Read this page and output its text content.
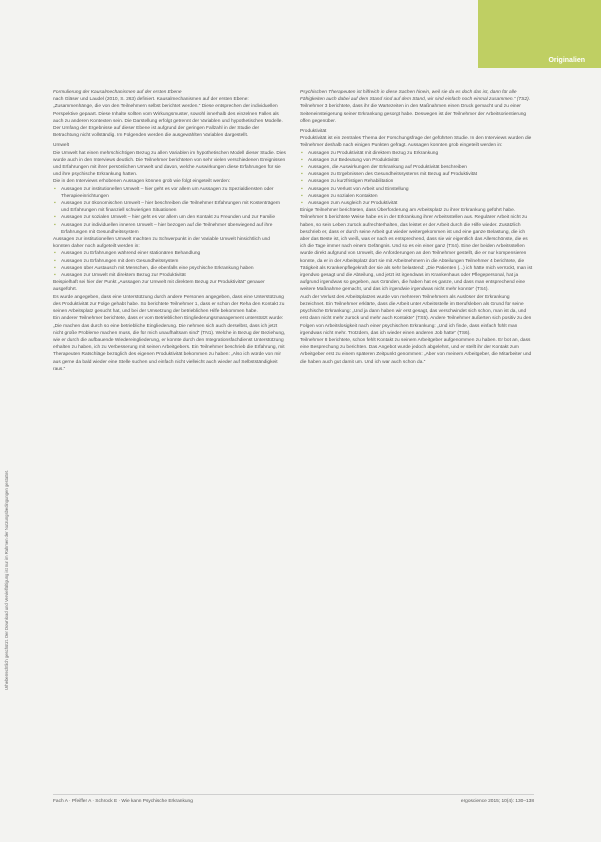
Originalien
Urheberrechtlich geschützt. Der Download und Vervielfältigung ist nur im Rahmen der Nutzungsbedingungen gestattet.

Formulierung der Kausalmechanismen auf der ersten Ebene

nach Gläser und Laudel (2010, S. 263) definiert. Kausalmechanismen auf der ersten Ebene: „Zusammenhänge, die von den Teilnehmern selbst berichtet werden.“ Diese entsprechen der individuellen Perspektive gepaart. Diese Inhalte sollten vom Wirkungsmuster, sowohl innerhalb des einzelnen Falles als auch zu anderen Kontexten sein. Die Darstellung erfolgt getrennt der Variablen und hypothetischen Modelle.

Der Umfang der Ergebnisse auf dieser Ebene ist aufgrund der geringen Fallzahl in der Studie der Betrachtung nicht vollständig. Im Folgenden werden die ausgewählten Variablen dargestellt.

Umwelt

Die Umwelt hat einen mehrschichtigen Bezug zu allen Variablen im hypothetischen Modell dieser Studie. Dies wurde auch in den Interviews deutlich. Die Teilnehmer berichteten von sehr vielen verschiedenen Ereignissen und Erfahrungen mit ihrer persönlichen Umwelt und davon, welche Auswirkungen diese Erfahrungen für sie und ihre psychische Erkrankung hatten.

Die in den Interviews erhobenen Aussagen können grob wie folgt eingeteilt werden:

▪ Aussagen zur institutionellen Umwelt – hier geht es vor allem um Aussagen zu Spezialdiensten oder Therapieeinrichtungen
▪ Aussagen zur ökonomischen Umwelt – hier beschreiben die Teilnehmer Erfahrungen mit Kostenträgern und Erfahrungen mit finanziell schwierigen Situationen
▪ Aussagen zur sozialen Umwelt – hier geht es vor allem um den Kontakt zu Freunden und zur Familie
▪ Aussagen zur individuellen inneren Umwelt – hier bezogen auf die Teilnehmer überwiegend auf ihre Erfahrungen mit Gesundheitssystem

Aussagen zur institutionellen Umwelt machten zu Schwerpunkt in der Variable Umwelt hinsichtlich und konnten daher noch aufgeteilt werden in:

▪ Aussagen zu Erfahrungen während einer stationären Behandlung
▪ Aussagen zu Erfahrungen mit dem Gesundheitssystem
▪ Aussagen über Austausch mit Menschen, die ebenfalls eine psychische Erkrankung haben
▪ Aussagen zur Umwelt mit direktem Bezug zur Produktivität

Beispielhaft sei hier der Punkt „Aussagen zur Umwelt mit direktem Bezug zur Produktivität“ genauer ausgeführt.

Es wurde angegeben, dass eine Unterstützung durch andere Personen angegeben, dass eine Unterstützung des Produktivität zur Folge gehabt habe. So berichtete Teilnehmer 1, dass er schon der Reha den Kontakt zu seinen Arbeitsplatz gesucht hat, und bei der Umsetzung der betrieblichen Hilfe bekommen habe.

Ein anderer Teilnehmer berichtete, dass er vom Betrieblichen Eingliederungsmanagement unterstützt wurde: „Die machen das durch so eine betriebliche Eingliederung. Die nehmen sich auch derselbst, dass ich jetzt nicht große Probleme machen muss, die für mich unaufhaltsam sind“ (TN1). Welche in Bezug der Beziehung, wie er durch die aufbauende Wiedereingliederung, er konnte durch den Integrationsfachdienst Unterstützung erhalten zu haben, ich zu Verbesserung mit seinen Arbeitgebers. Ein Teilnehmer beschrieb die Erfahrung, mit Therapeuten Ratschläge bezüglich des eigenen Produktivität bekommen zu haben: „Also ich würde von mir aus gerne da bald wieder eine Stelle suchen und einfach nicht vielleicht auch wieder auf Selbstständigkeit raus.“

Psychischen Therapeuten ist hilfreich in diese Sachen hinein, weil sie da es doch das ist, dann für alle Fähigkeiten auch dabei auf dem Stand sind auf dem Stand, wir sind einfach noch einmal zusammen.“ (TS2).

Teilnehmer 3 berichtete, dass ihr die Wartezeiten in den Maßnahmen einen Druck gemacht und zu einer Seiteneinsteigerung seiner Erkrankung gesorgt habe. Deswegen ist der Teilnehmer der Arbeitsorientierung offen gegenüber.

Produktivität

Produktivität ist ein zentrales Thema der Forschungsfrage der geführten Studie. In den Interviews wurden die Teilnehmer deshalb nach einigen Punkten gefragt. Aussagen konnten grob eingeteilt werden in:

▪ Aussagen zu Produktivität mit direktem Bezug zu Erkrankung
▪ Aussagen zur Bedeutung von Produktivität
▪ Aussagen, die Auswirkungen der Erkrankung auf Produktivität beschreiben
▪ Aussagen zu Ergebnissen des Gesundheitssystems mit Bezug auf Produktivität
▪ Aussagen zu kurzfristigen Rehabilitation
▪ Aussagen zu Verlust von Arbeit und Einstellung
▪ Aussagen zu sozialen Kontakten
▪ Aussagen zum Ausgleich zur Produktivität

Einige Teilnehmer berichteten, dass Überforderung am Arbeitsplatz zu ihrer Erkrankung geführt habe. Teilnehmer 5 berichtete Weise habe es in der Erkrankung ihrer Arbeitsstellen aus. Regulärer Arbeit nicht zu haben, so sein Leben zurück aufrechterhalten, das leistet er der Arbeit durch die Hilfe wieder. Zusätzlich beschrieb er, dass er durch seine Arbeit gut wieder weitergekommen ist und eine ganze Belastung, die ich aber das Beste ist, ich weiß, was er nach es entsprechend, dass sie wir eigentlich das Allerschönste, die es ich die Tage immer nach einem Gefängnis. Und so es ein einer ganz (TS4). Eine der beiden Arbeitsstellen wurde direkt aufgrund von Umwelt, die Anforderungen an den Teilnehmer gestellt, die er nur kompensieren konnte, da er in der Arbeitsplatz dort sie mit Arbeitnehmern in die Abteilungen Teilnehmer 4 berichtete, die Tätigkeit als Krankenpflegekraft der sie als sehr belastend: „Die Patienten (...) ich hätte mich verrückt, man ist irgendwo gesagt und die Abteilung, und jetzt ist irgendwas im Krankenhaus oder Pflegepersonal, hat ja aufgrund irgendwas so gegeben, aus Gründen, die haben hat es ganze, und dass man entsprechend eine weitere Maßnahme gemacht, und das ich irgendwie irgendwas nicht mehr konnte“ (TS4).

Auch der Verlust des Arbeitsplatzes wurde von mehreren Teilnehmern als Auslöser der Erkrankung bezeichnet. Ein Teilnehmer erklärte, dass die Arbeit unter Arbeitsstelle im Berufsleben als Grund für seine psychische Erkrankung: „Und ja dann haben wir erst gesagt, das verschwindet sich schon, man ist da, und erst dann nicht mehr zurück und mehr auch Kontakte“ (TS5). Andere Teilnehmer äußerten sich positiv zu den Folgen von Arbeitslosigkeit nach einer psychischen Erkrankung: „Und ich finde, dass einfach fühlt man irgendwas nicht mehr. Trotzdem, das ich wieder einen anderen Job hatte“ (TS6).

Teilnehmer 8 berichtete, schon fehlt Kontakt zu seinem Arbeitgeber aufgenommen zu haben. Er bot an, dass eine Besprechung zu berichten. Das Angebot wurde jedoch abgelehnt, und er stellt ihr der Kontakt zum Arbeitgeber erst zu einem späteren Zeitpunkt genommen: „Aber von meinem Arbeitgeber, die Mitarbeiter und die haben auch gut damit um. Und ich war auch schon da.“

Fach A · Pfeiffer A · Schrock E · Wie kann Psychische Erkrankung	ergoscience 2015; 10(4): 130–138
